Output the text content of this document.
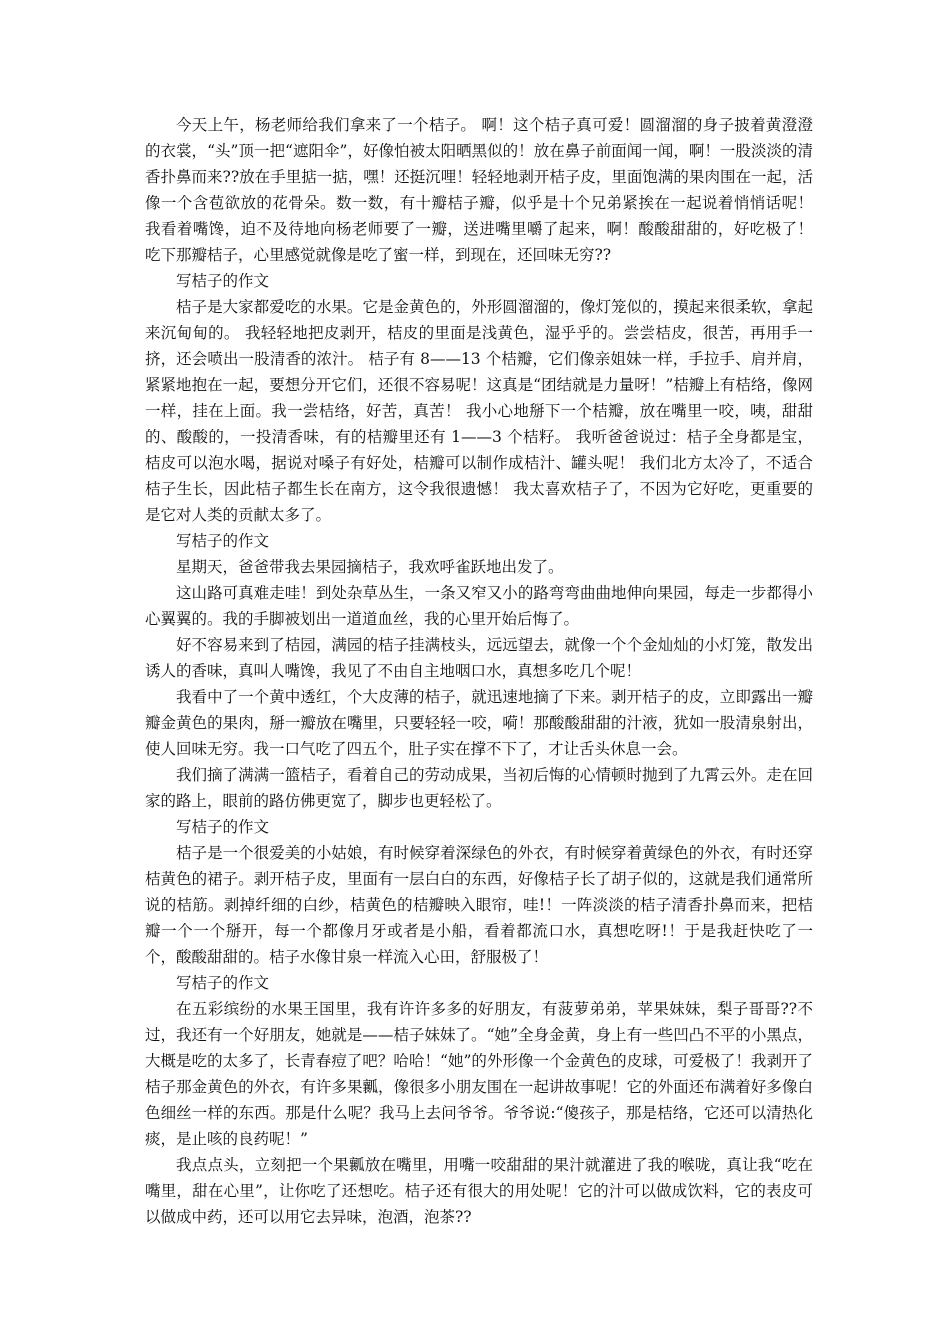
今天上午，杨老师给我们拿来了一个桔子。 啊！这个桔子真可爱！圆溜溜的身子披着黄澄澄的衣裳，“头”顶一把“遮阳伞”，好像怕被太阳晒黑似的！放在鼻子前面闻一闻，啊！一股淡淡的清香扑鼻而来??放在手里掂一掂，嘿！还挺沉哩！轻轻地剥开桔子皮，里面饱满的果肉围在一起，活像一个含苞欲放的花骨朵。数一数，有十瓣桔子瓣，似乎是十个兄弟紧挨在一起说着悄悄话呢！ 我看着嘴馋，迫不及待地向杨老师要了一瓣，送进嘴里嚼了起来，啊！酸酸甜甜的，好吃极了！ 吃下那瓣桔子，心里感觉就像是吃了蜜一样，到现在，还回味无穷??

写桔子的作文

桔子是大家都爱吃的水果。它是金黄色的，外形圆溜溜的，像灯笼似的，摸起来很柔软，拿起来沉甸甸的。 我轻轻地把皮剥开，桔皮的里面是浅黄色，湿乎乎的。尝尝桔皮，很苦，再用手一挤，还会喷出一股清香的浓汁。 桔子有 8——13 个桔瓣，它们像亲姐妹一样，手拉手、肩并肩，紧紧地抱在一起，要想分开它们，还很不容易呢！这真是“团结就是力量呀！”桔瓣上有桔络，像网一样，挂在上面。我一尝桔络，好苦，真苦！ 我小心地掰下一个桔瓣，放在嘴里一咬，咦，甜甜的、酸酸的，一投清香味，有的桔瓣里还有 1——3 个桔籽。 我听爸爸说过：桔子全身都是宝，桔皮可以泡水喝，据说对嗓子有好处，桔瓣可以制作成桔汁、罐头呢！ 我们北方太冷了，不适合桔子生长，因此桔子都生长在南方，这令我很遗憾！ 我太喜欢桔子了，不因为它好吃，更重要的是它对人类的贡献太多了。

写桔子的作文

星期天，爸爸带我去果园摘桔子，我欢呼雀跃地出发了。

这山路可真难走哇！到处杂草丛生，一条又窄又小的路弯弯曲曲地伸向果园，每走一步都得小心翼翼的。我的手脚被划出一道道血丝，我的心里开始后悔了。

好不容易来到了桔园，满园的桔子挂满枝头，远远望去，就像一个个金灿灿的小灯笼，散发出诱人的香味，真叫人嘴馋，我见了不由自主地咽口水，真想多吃几个呢！

我看中了一个黄中透红，个大皮薄的桔子，就迅速地摘了下来。剥开桔子的皮，立即露出一瓣瓣金黄色的果肉，掰一瓣放在嘴里，只要轻轻一咬，嗬！那酸酸甜甜的汁液，犹如一股清泉射出，使人回味无穷。我一口气吃了四五个，肚子实在撑不下了，才让舌头休息一会。

我们摘了满满一篮桔子，看着自己的劳动成果，当初后悔的心情顿时抛到了九霄云外。走在回家的路上，眼前的路仿佛更宽了，脚步也更轻松了。

写桔子的作文

桔子是一个很爱美的小姑娘，有时候穿着深绿色的外衣，有时候穿着黄绿色的外衣，有时还穿桔黄色的裙子。剥开桔子皮，里面有一层白白的东西，好像桔子长了胡子似的，这就是我们通常所说的桔筋。剥掉纤细的白纱，桔黄色的桔瓣映入眼帘，哇!！一阵淡淡的桔子清香扑鼻而来，把桔瓣一个一个掰开，每一个都像月牙或者是小船，看着都流口水，真想吃呀!！于是我赶快吃了一个，酸酸甜甜的。桔子水像甘泉一样流入心田，舒服极了！

写桔子的作文

在五彩缤纷的水果王国里，我有许许多多的好朋友，有菠萝弟弟，苹果妹妹，梨子哥哥??不过，我还有一个好朋友，她就是——桔子妹妹了。“她”全身金黄，身上有一些凹凸不平的小黑点，大概是吃的太多了，长青春痘了吧？哈哈！“她”的外形像一个金黄色的皮球，可爱极了！我剥开了桔子那金黄色的外衣，有许多果瓤，像很多小朋友围在一起讲故事呢！它的外面还布满着好多像白色细丝一样的东西。那是什么呢？我马上去问爷爷。爷爷说:“傻孩子，那是桔络，它还可以清热化痰，是止咳的良药呢！”

我点点头，立刻把一个果瓤放在嘴里，用嘴一咬甜甜的果汁就灌进了我的喉咙，真让我“吃在嘴里，甜在心里”，让你吃了还想吃。桔子还有很大的用处呢！它的汁可以做成饮料，它的表皮可以做成中药，还可以用它去异味，泡酒，泡茶??
